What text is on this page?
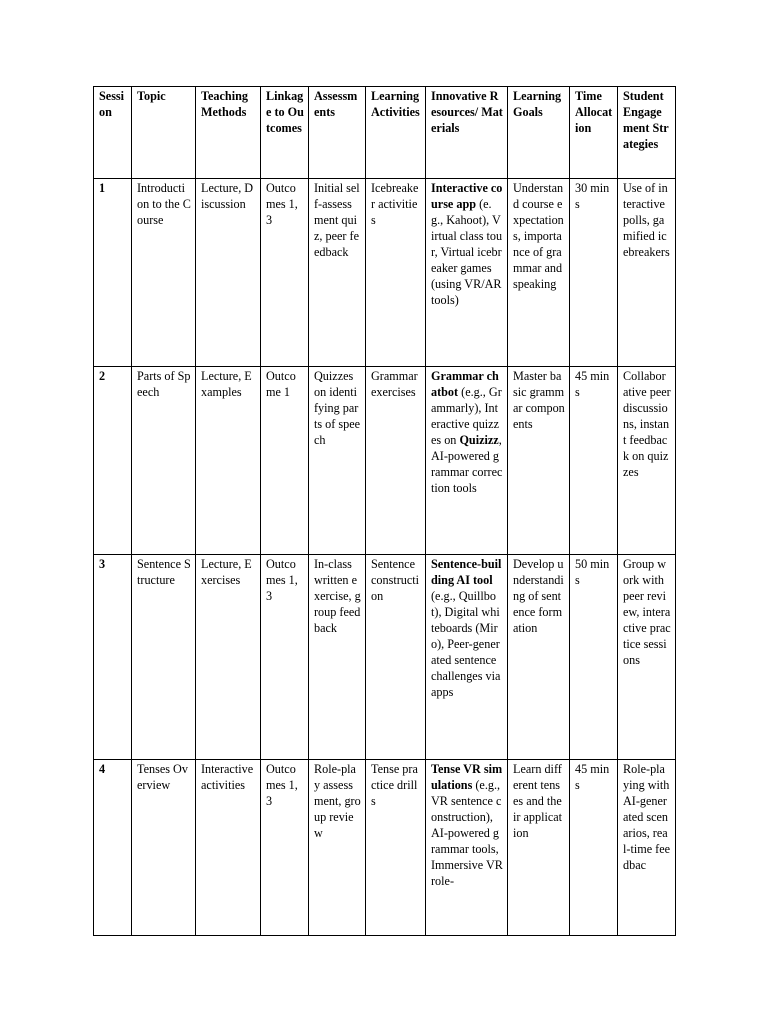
Session	Topic	Teaching Methods	Linkage to Outcomes	Assessments	Learning Activities	Innovative Resources/ Materials	Learning Goals	Time Allocation	Student Engagement Strategies
1	Introduction to the Course	Lecture, Discussion	Outcomes 1, 3	Initial self-assessment quiz, peer feedback	Icebreaker activities	Interactive course app (e.g., Kahoot), Virtual class tour, Virtual icebreaker games (using VR/AR tools)	Understand course expectations, importance of grammar and speaking	30 mins	Use of interactive polls, gamified icebreakers
2	Parts of Speech	Lecture, Examples	Outcome 1	Quizzes on identifying parts of speech	Grammar exercises	Grammar chatbot (e.g., Grammarly), Interactive quizzes on Quizizz, AI-powered grammar correction tools	Master basic grammar components	45 mins	Collaborative peer discussions, instant feedback on quizzes
3	Sentence Structure	Lecture, Exercises	Outcomes 1, 3	In-class written exercise, group feedback	Sentence construction	Sentence-building AI tool (e.g., Quillbot), Digital whiteboards (Miro), Peer-generated sentence challenges via apps	Develop understanding of sentence formation	50 mins	Group work with peer review, interactive practice sessions
4	Tenses Overview	Interactive activities	Outcomes 1, 3	Role-play assessment, group review	Tense practice drills	Tense VR simulations (e.g., VR sentence construction), AI-powered grammar tools, Immersive VR role-	Learn different tenses and their application	45 mins	Role-playing with AI-generated scenarios, real-time feedbac
